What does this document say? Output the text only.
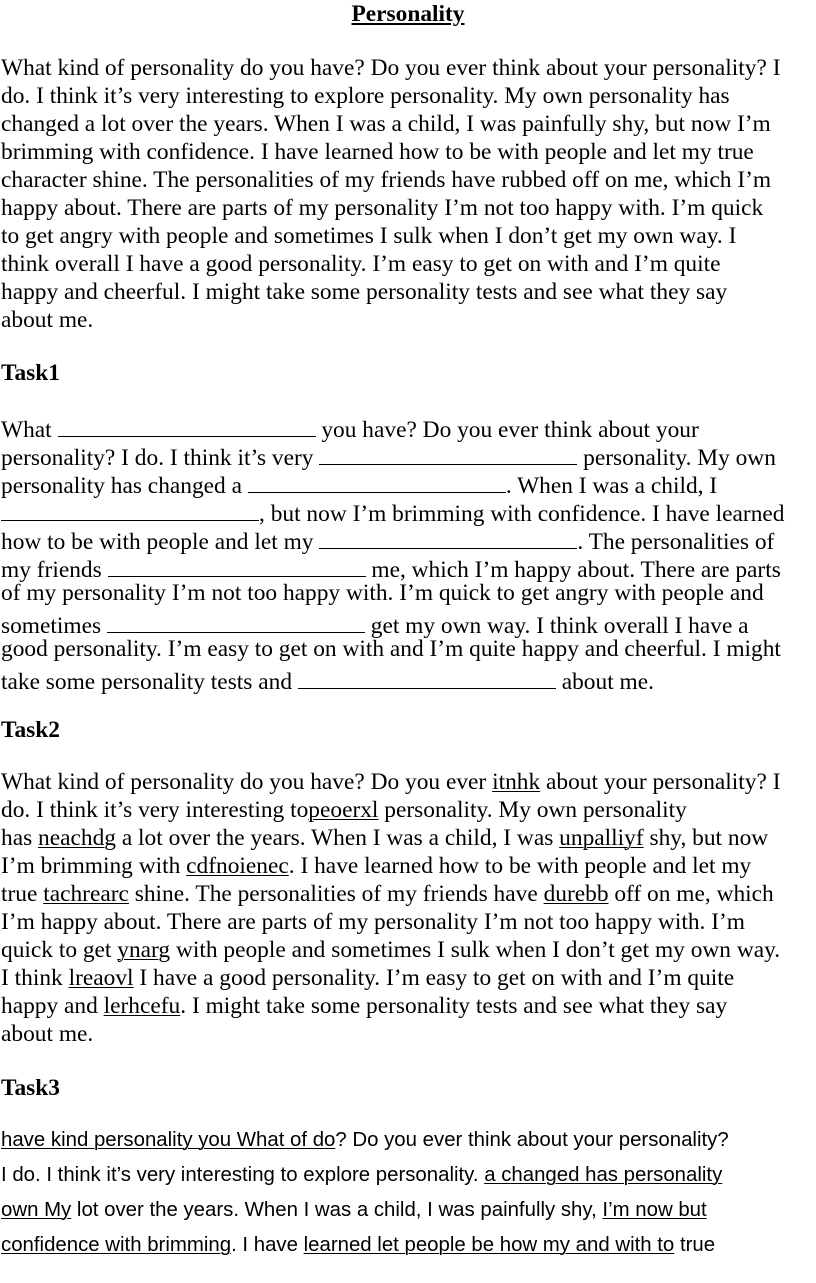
Personality
What kind of personality do you have? Do you ever think about your personality? I
do. I think it’s very interesting to explore personality. My own personality has
changed a lot over the years. When I was a child, I was painfully shy, but now I’m
brimming with confidence. I have learned how to be with people and let my true
character shine. The personalities of my friends have rubbed off on me, which I’m
happy about. There are parts of my personality I’m not too happy with. I’m quick
to get angry with people and sometimes I sulk when I don’t get my own way. I
think overall I have a good personality. I’m easy to get on with and I’m quite
happy and cheerful. I might take some personality tests and see what they say
about me.
Task1
What	you have? Do you ever think about your
personality? I do. I think it’s very	personality. My own
personality has changed a	. When I was a child, I
, but now I’m brimming with confidence. I have learned
how to be with people and let my	. The personalities of
my friends	me, which I’m happy about. There are parts
of my personality I’m not too happy with. I’m quick to get angry with people and
sometimes	get my own way. I think overall I have a
good personality. I’m easy to get on with and I’m quite happy and cheerful. I might
take some personality tests and	about me.
Task2
What kind of personality do you have? Do you ever itnhk about your personality? I
do. I think it’s very interesting topeoerxl personality. My own personality
has neachdg a lot over the years. When I was a child, I was unpalliyf shy, but now
I’m brimming with cdfnoienec. I have learned how to be with people and let my
true tachrearc shine. The personalities of my friends have durebb off on me, which
I’m happy about. There are parts of my personality I’m not too happy with. I’m
quick to get ynarg with people and sometimes I sulk when I don’t get my own way.
I think lreaovl I have a good personality. I’m easy to get on with and I’m quite
happy and lerhcefu. I might take some personality tests and see what they say
about me.
Task3
have kind personality you What of do? Do you ever think about your personality?
I do. I think it’s very interesting to explore personality. a changed has personality
own My lot over the years. When I was a child, I was painfully shy, I’m now but
confidence with brimming. I have learned let people be how my and with to true
